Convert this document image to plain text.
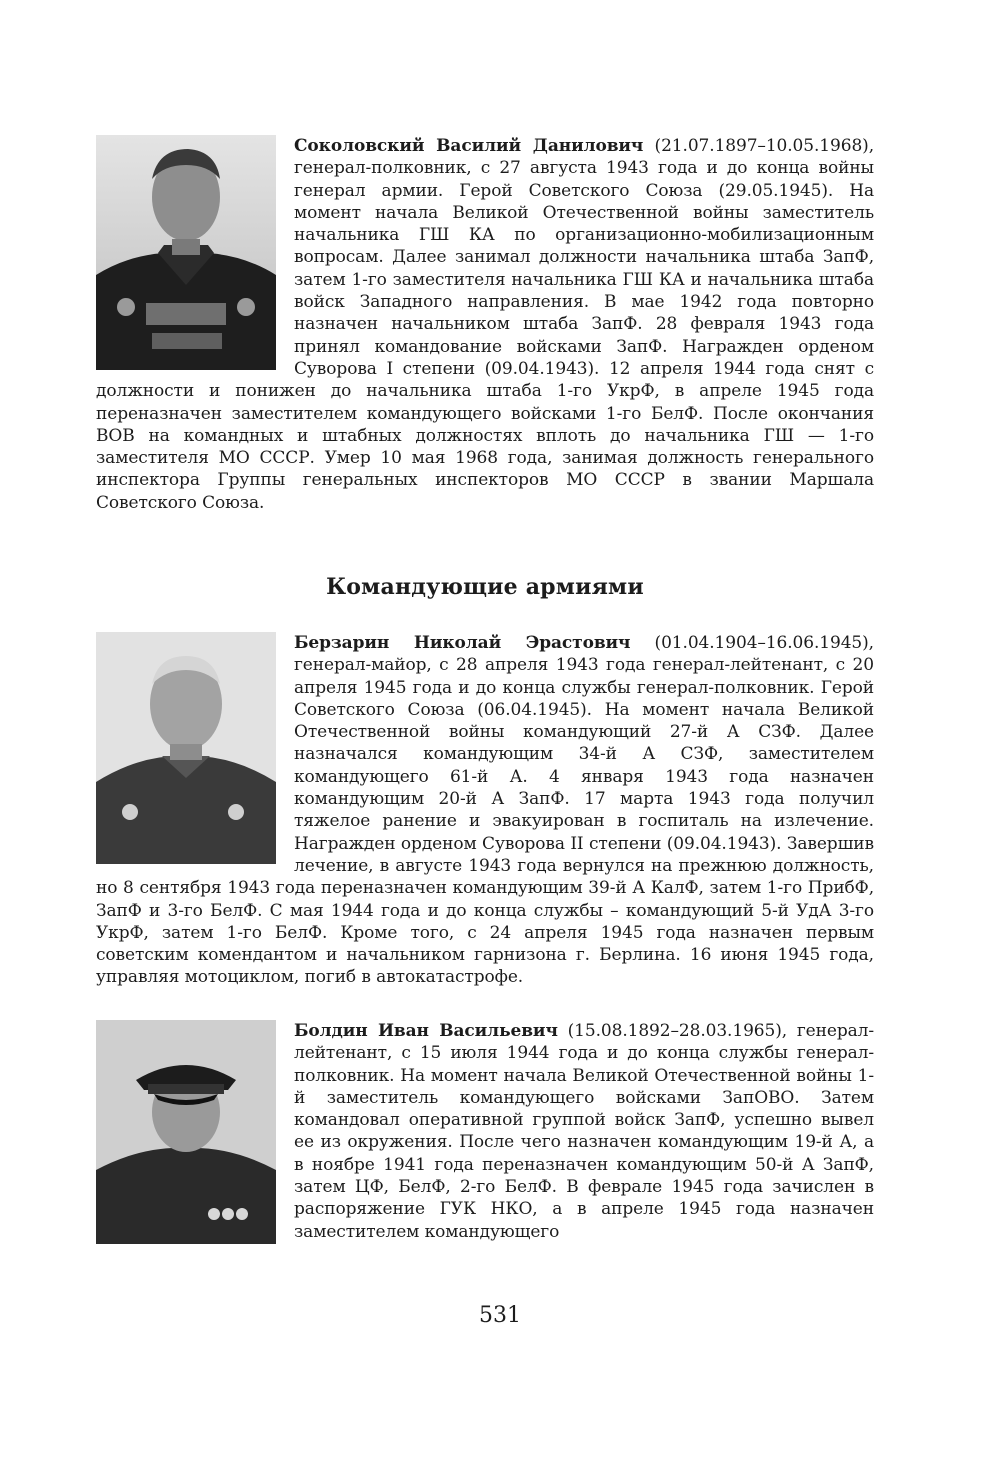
Соколовский Василий Данилович (21.07.1897–10.05.1968), генерал-полковник, с 27 августа 1943 года и до конца войны генерал армии. Герой Советского Союза (29.05.1945). На момент начала Великой Отечественной войны заместитель начальника ГШ КА по организационно-мобилизационным вопросам. Далее занимал должности начальника штаба ЗапФ, затем 1-го заместителя начальника ГШ КА и начальника штаба войск Западного направления. В мае 1942 года повторно назначен начальником штаба ЗапФ. 28 февраля 1943 года принял командование войсками ЗапФ. Награжден орденом Суворова I степени (09.04.1943). 12 апреля 1944 года снят с должности и понижен до начальника штаба 1-го УкрФ, в апреле 1945 года переназначен заместителем командующего войсками 1-го БелФ. После окончания ВОВ на командных и штабных должностях вплоть до начальника ГШ — 1-го заместителя МО СССР. Умер 10 мая 1968 года, занимая должность генерального инспектора Группы генеральных инспекторов МО СССР в звании Маршала Советского Союза.

Командующие армиями

Берзарин Николай Эрастович (01.04.1904–16.06.1945), генерал-майор, с 28 апреля 1943 года генерал-лейтенант, с 20 апреля 1945 года и до конца службы генерал-полковник. Герой Советского Союза (06.04.1945). На момент начала Великой Отечественной войны командующий 27-й А СЗФ. Далее назначался командующим 34-й А СЗФ, заместителем командующего 61-й А. 4 января 1943 года назначен командующим 20-й А ЗапФ. 17 марта 1943 года получил тяжелое ранение и эвакуирован в госпиталь на излечение. Награжден орденом Суворова II степени (09.04.1943). Завершив лечение, в августе 1943 года вернулся на прежнюю должность, но 8 сентября 1943 года переназначен командующим 39-й А КалФ, затем 1-го ПрибФ, ЗапФ и 3-го БелФ. С мая 1944 года и до конца службы – командующий 5-й УдА 3-го УкрФ, затем 1-го БелФ. Кроме того, с 24 апреля 1945 года назначен первым советским комендантом и начальником гарнизона г. Берлина. 16 июня 1945 года, управляя мотоциклом, погиб в автокатастрофе.

Болдин Иван Васильевич (15.08.1892–28.03.1965), генерал-лейтенант, с 15 июля 1944 года и до конца службы генерал-полковник. На момент начала Великой Отечественной войны 1-й заместитель командующего войсками ЗапОВО. Затем командовал оперативной группой войск ЗапФ, успешно вывел ее из окружения. После чего назначен командующим 19-й А, а в ноябре 1941 года переназначен командующим 50-й А ЗапФ, затем ЦФ, БелФ, 2-го БелФ. В феврале 1945 года зачислен в распоряжение ГУК НКО, а в апреле 1945 года назначен заместителем командующего

531
